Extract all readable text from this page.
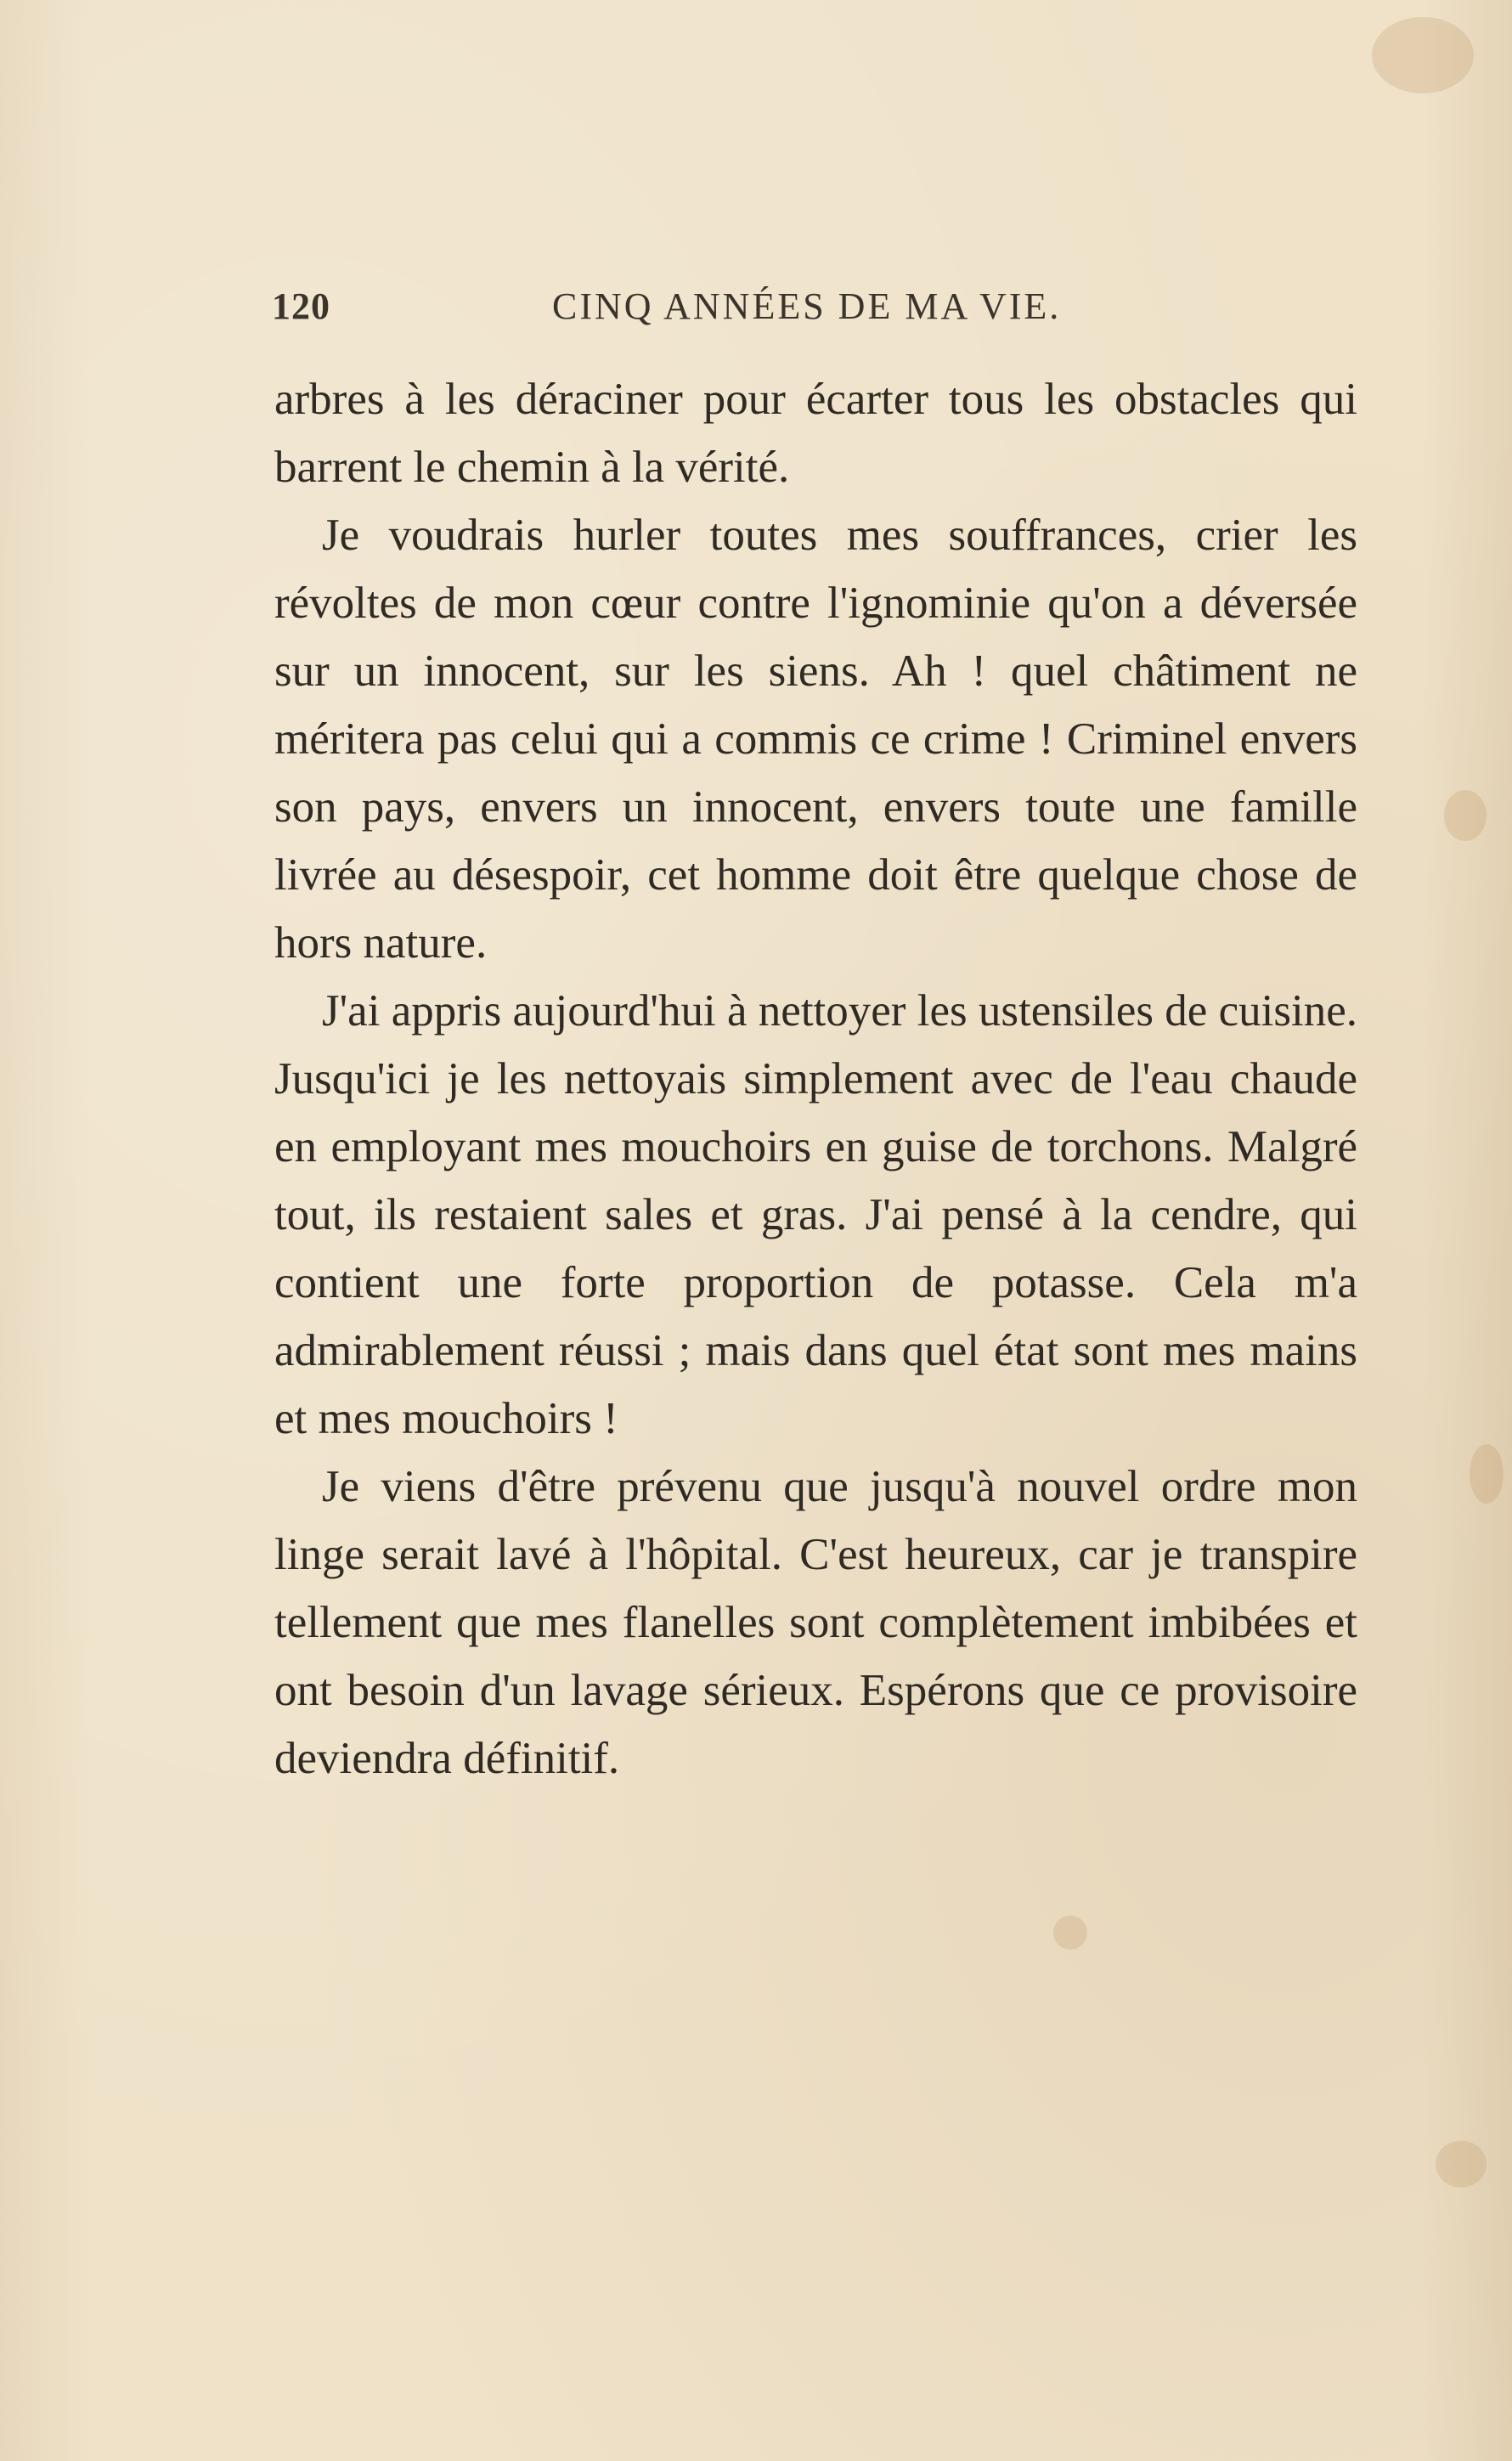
120	CINQ ANNÉES DE MA VIE.

arbres à les déraciner pour écarter tous les obstacles qui barrent le chemin à la vérité.

Je voudrais hurler toutes mes souffrances, crier les révoltes de mon cœur contre l'ignominie qu'on a déversée sur un innocent, sur les siens. Ah ! quel châtiment ne méritera pas celui qui a commis ce crime ! Criminel envers son pays, envers un innocent, envers toute une famille livrée au désespoir, cet homme doit être quelque chose de hors nature.

J'ai appris aujourd'hui à nettoyer les ustensiles de cuisine. Jusqu'ici je les nettoyais simplement avec de l'eau chaude en employant mes mouchoirs en guise de torchons. Malgré tout, ils restaient sales et gras. J'ai pensé à la cendre, qui contient une forte proportion de potasse. Cela m'a admirablement réussi ; mais dans quel état sont mes mains et mes mouchoirs !

Je viens d'être prévenu que jusqu'à nouvel ordre mon linge serait lavé à l'hôpital. C'est heureux, car je transpire tellement que mes flanelles sont complètement imbibées et ont besoin d'un lavage sérieux. Espérons que ce provisoire deviendra définitif.
